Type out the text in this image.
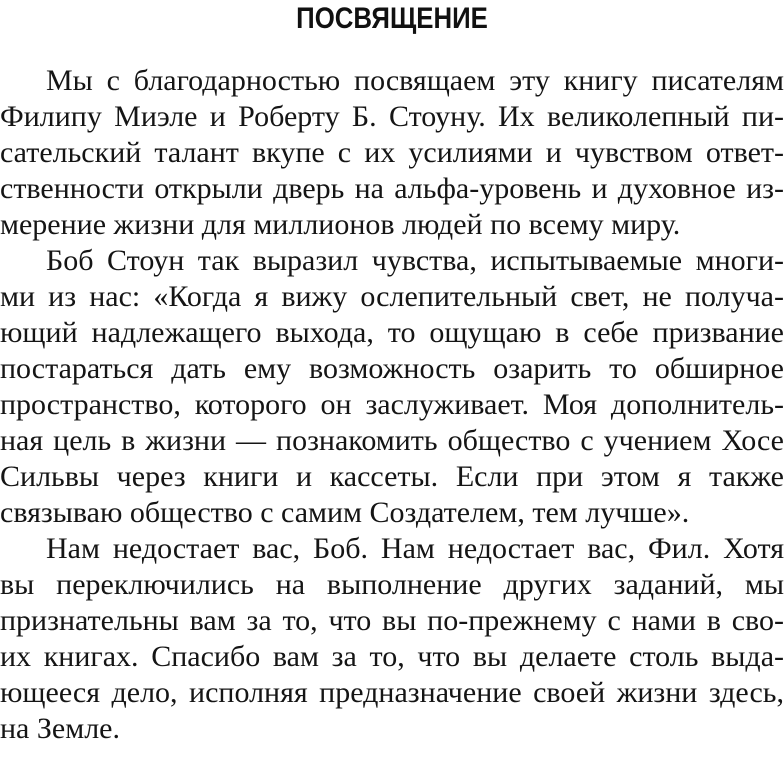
ПОСВЯЩЕНИЕ
Мы с благодарностью посвящаем эту книгу писателям
Филипу Миэле и Роберту Б. Стоуну. Их великолепный пи-
сательский талант вкупе с их усилиями и чувством ответ-
ственности открыли дверь на альфа-уровень и духовное из-
мерение жизни для миллионов людей по всему миру.
Боб Стоун так выразил чувства, испытываемые многи-
ми из нас: «Когда я вижу ослепительный свет, не получа-
ющий надлежащего выхода, то ощущаю в себе призвание
постараться дать ему возможность озарить то обширное
пространство, которого он заслуживает. Моя дополнитель-
ная цель в жизни — познакомить общество с учением Хосе
Сильвы через книги и кассеты. Если при этом я также
связываю общество с самим Создателем, тем лучше».
Нам недостает вас, Боб. Нам недостает вас, Фил. Хотя
вы переключились на выполнение других заданий, мы
признательны вам за то, что вы по-прежнему с нами в сво-
их книгах. Спасибо вам за то, что вы делаете столь выда-
ющееся дело, исполняя предназначение своей жизни здесь,
на Земле.
